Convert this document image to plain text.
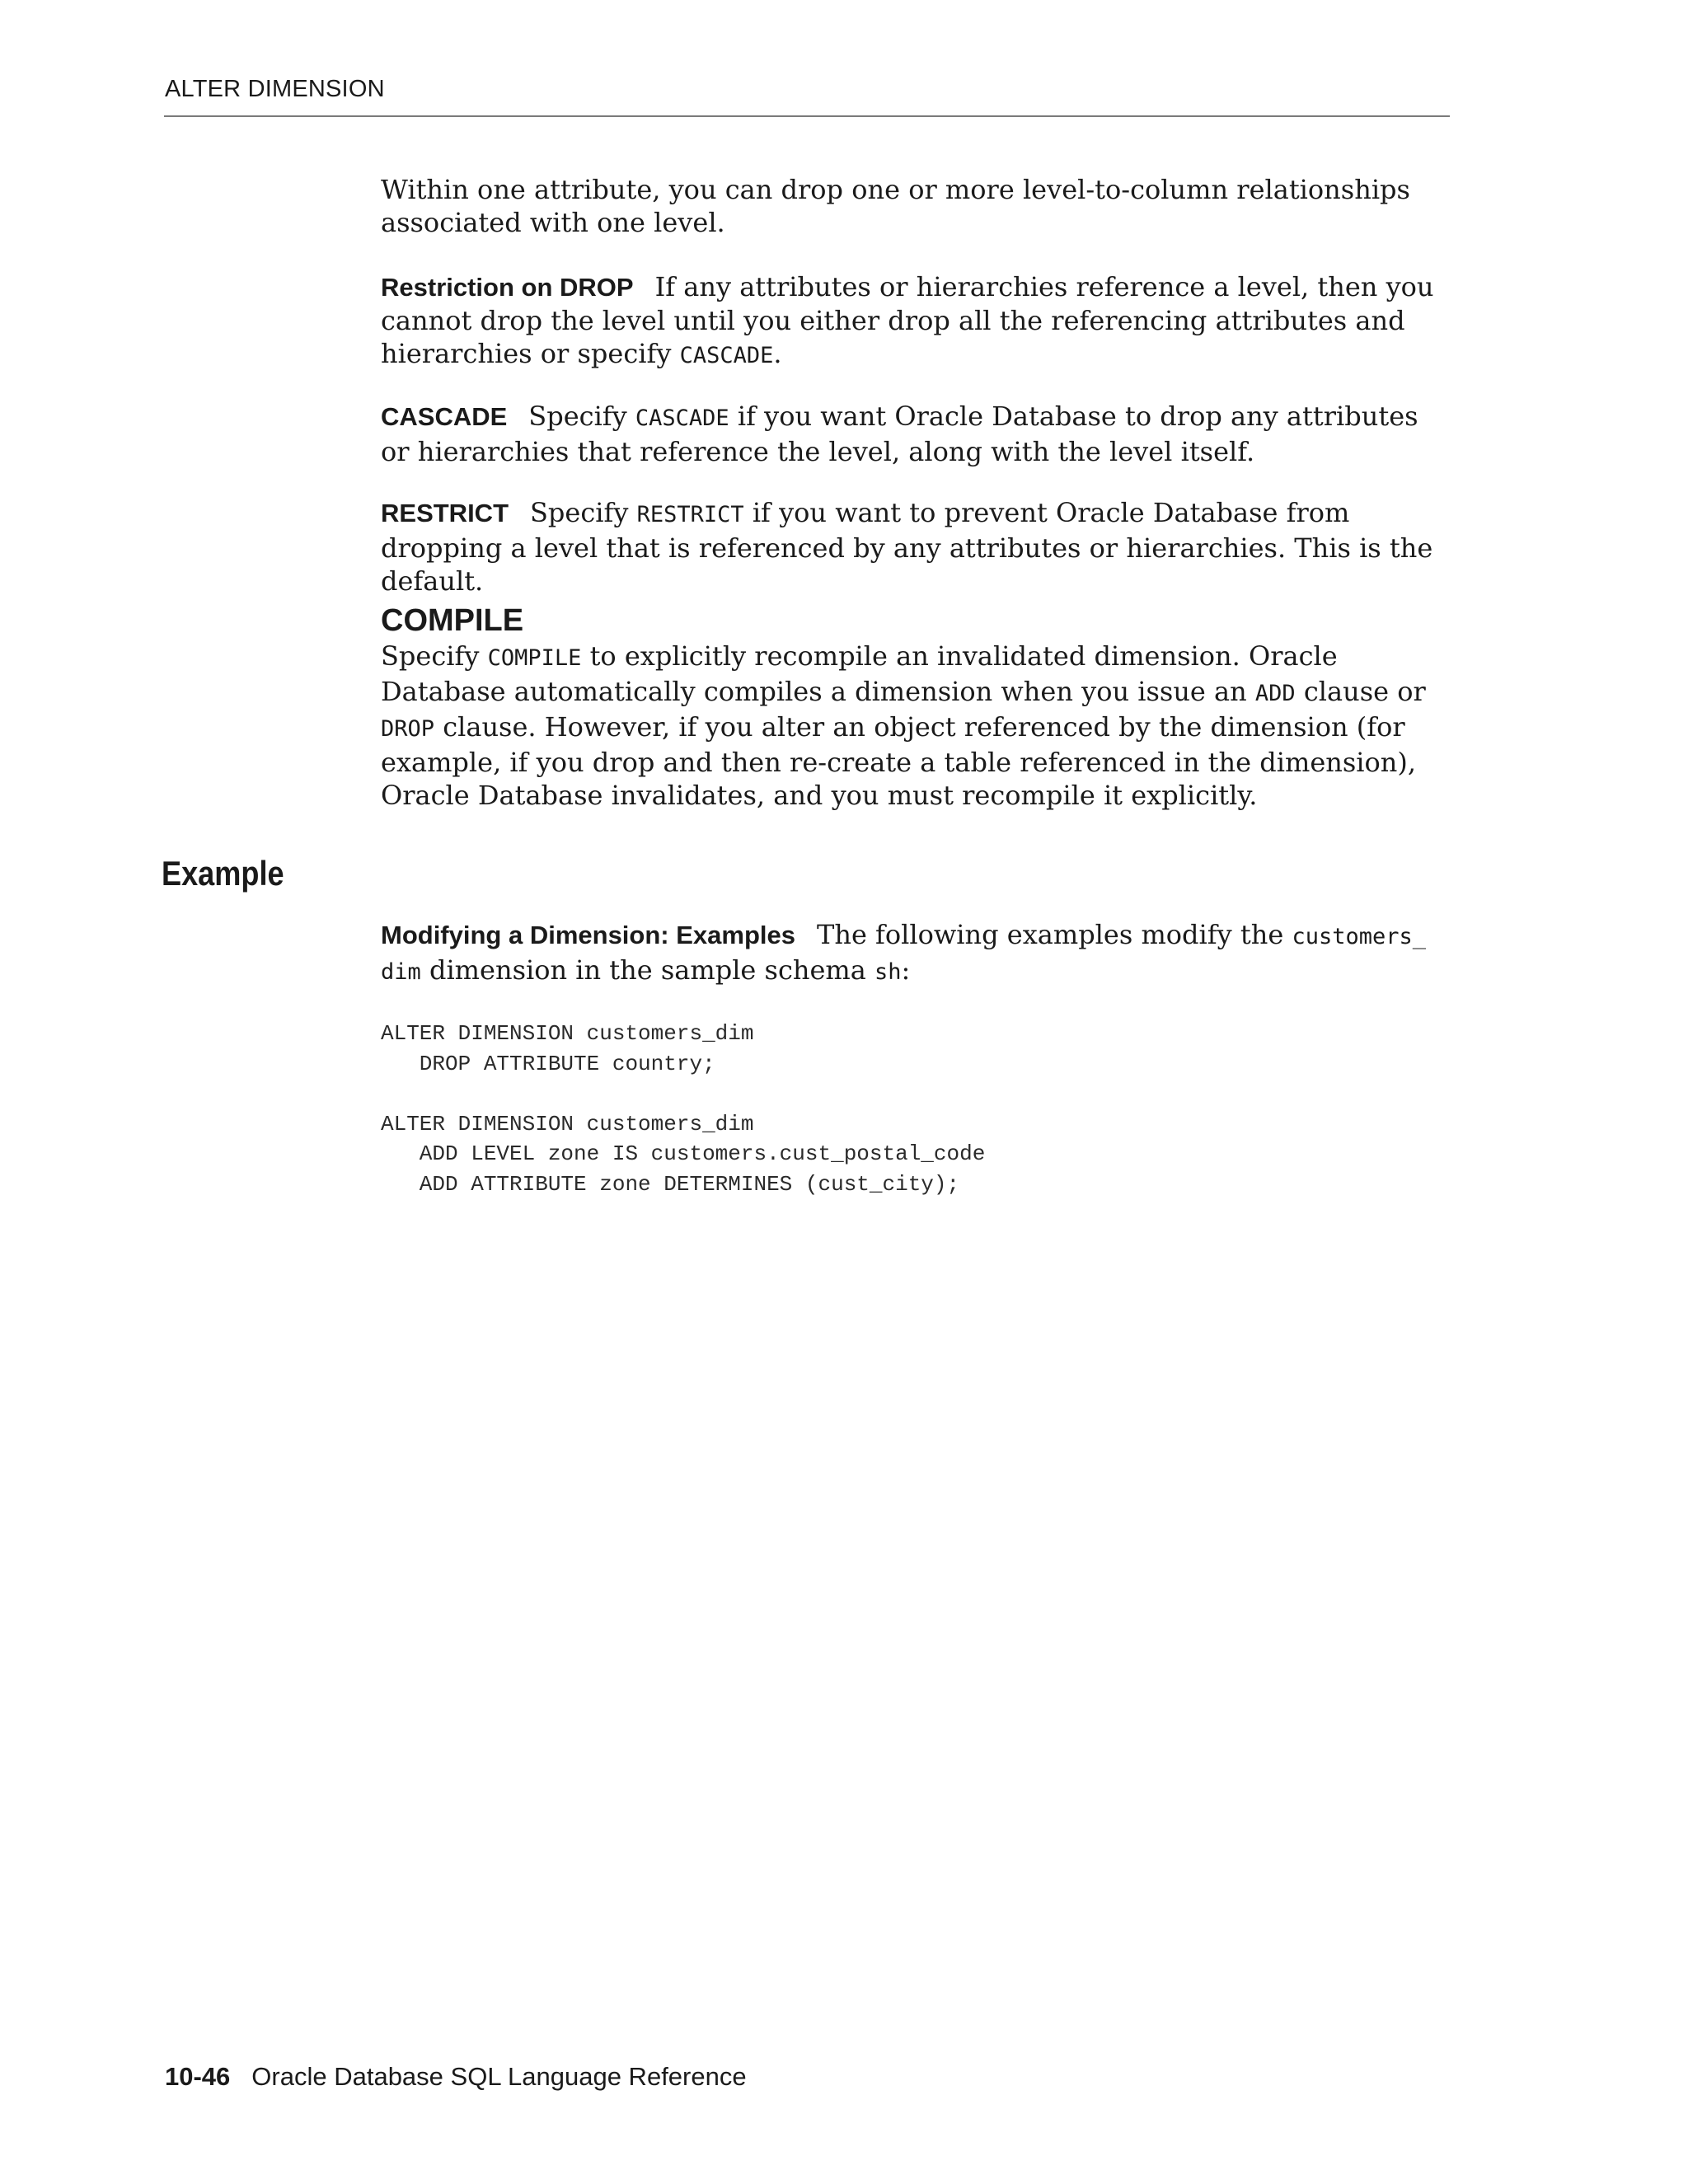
ALTER DIMENSION

Within one attribute, you can drop one or more level-to-column relationships associated with one level.

Restriction on DROP If any attributes or hierarchies reference a level, then you cannot drop the level until you either drop all the referencing attributes and hierarchies or specify CASCADE.

CASCADE Specify CASCADE if you want Oracle Database to drop any attributes or hierarchies that reference the level, along with the level itself.

RESTRICT Specify RESTRICT if you want to prevent Oracle Database from dropping a level that is referenced by any attributes or hierarchies. This is the default.

COMPILE

Specify COMPILE to explicitly recompile an invalidated dimension. Oracle Database automatically compiles a dimension when you issue an ADD clause or DROP clause. However, if you alter an object referenced by the dimension (for example, if you drop and then re-create a table referenced in the dimension), Oracle Database invalidates, and you must recompile it explicitly.

Example

Modifying a Dimension: Examples The following examples modify the customers_
dim dimension in the sample schema sh:

ALTER DIMENSION customers_dim
DROP ATTRIBUTE country;

ALTER DIMENSION customers_dim
ADD LEVEL zone IS customers.cust_postal_code
ADD ATTRIBUTE zone DETERMINES (cust_city);
10-46 Oracle Database SQL Language Reference
